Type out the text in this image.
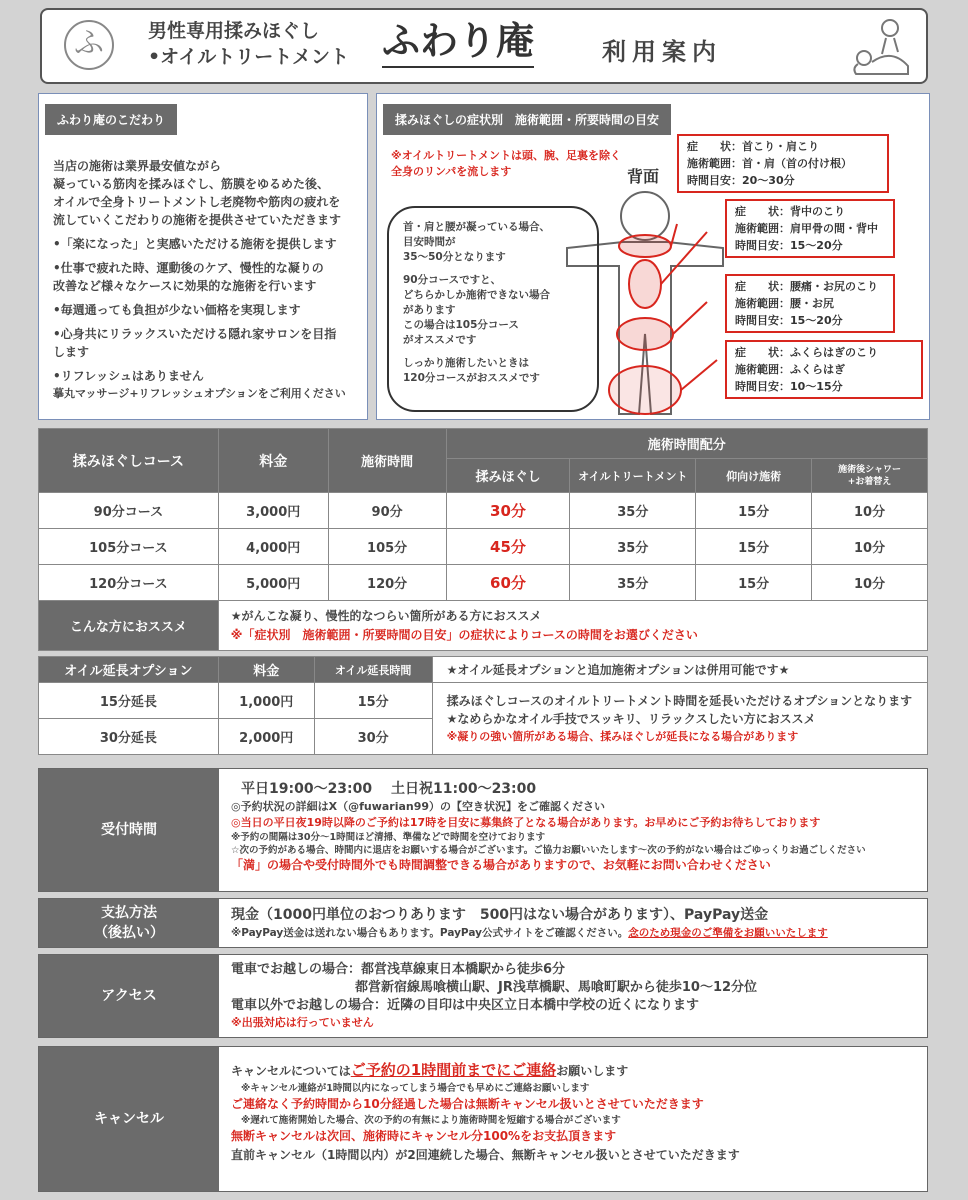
ふ	男性専用揉みほぐし
•オイルトリートメント ふわり庵	利用案内
ふわり庵のこだわり

当店の施術は業界最安値ながら

凝っている筋肉を揉みほぐし、筋膜をゆるめた後、

オイルで全身トリートメントし老廃物や筋肉の疲れを

流していくこだわりの施術を提供させていただきます

•「楽になった」と実感いただける施術を提供します

•仕事で疲れた時、運動後のケア、慢性的な凝りの

改善など様々なケースに効果的な施術を行います

•毎週通っても負担が少ない価格を実現します

•心身共にリラックスいただける隠れ家サロンを目指

します

•リフレッシュはありません

摹丸マッサージ+リフレッシュオプションをご利用ください

揉みほぐしの症状別　施術範囲・所要時間の目安
※オイルトリートメントは頭、腕、足裏を除く
全身のリンパを流します	背面
症　　状：首こり・肩こり
施術範囲：首・肩（首の付け根）
時間目安：20〜30分
症　　状：背中のこり
施術範囲：肩甲骨の間・背中
時間目安：15〜20分
症　　状：腰痛・お尻のこり
施術範囲：腰・お尻
時間目安：15〜20分
症　　状：ふくらはぎのこり
施術範囲：ふくらはぎ
時間目安：10〜15分
首・肩と腰が凝っている場合、
目安時間が
35〜50分となります
90分コースですと、
どちらかしか施術できない場合
があります
この場合は105分コース
がオススメです
しっかり施術したいときは
120分コースがおススメです
揉みほぐしコース	料金	施術時間	施術時間配分			
			揉みほぐし	オイルトリートメント	仰向け施術	施術後シャワー
+お着替え

90分コース	3,000円	90分	30分	35分	15分	10分
105分コース	4,000円	105分	45分	35分	15分	10分
120分コース	5,000円	120分	60分	35分	15分	10分
こんな方におススメ	★がんこな凝り、慢性的なつらい箇所がある方におススメ
※「症状別　施術範囲・所要時間の目安」の症状によりコースの時間をお選びください					
オイル延長オプション	料金	オイル延長時間	★オイル延長オプションと追加施術オプションは併用可能です★
15分延長	1,000円	15分	揉みほぐしコースのオイルトリートメント時間を延長いただけるオプションとなります
★なめらかなオイル手技でスッキリ、リラックスしたい方におススメ
※凝りの強い箇所がある場合、揉みほぐしが延長になる場合があります

30分延長	2,000円	30分	
受付時間
平日19:00〜23:00　 土日祝11:00〜23:00
◎予約状況の詳細はX（@fuwarian99）の【空き状況】をご確認ください
◎当日の平日夜19時以降のご予約は17時を目安に募集終了となる場合があります。お早めにご予約お待ちしております
※予約の間隔は30分〜1時間ほど清掃、準備などで時間を空けております
☆次の予約がある場合、時間内に退店をお願いする場合がございます。ご協力お願いいたします〜次の予約がない場合はごゆっくりお過ごしください
「満」の場合や受付時間外でも時間調整できる場合がありますので、お気軽にお問い合わせください
支払方法
（後払い）
現金（1000円単位のおつりあります　500円はない場合があります）、PayPay送金
※PayPay送金は送れない場合もあります。PayPay公式サイトをご確認ください。念のため現金のご準備をお願いいたします
アクセス
電車でお越しの場合：都営浅草線東日本橋駅から徒歩6分
都営新宿線馬喰横山駅、JR浅草橋駅、馬喰町駅から徒歩10〜12分位
電車以外でお越しの場合：近隣の目印は中央区立日本橋中学校の近くになります
※出張対応は行っていません
キャンセル
キャンセルについてはご予約の1時間前までにご連絡お願いします
※キャンセル連絡が1時間以内になってしまう場合でも早めにご連絡お願いします
ご連絡なく予約時間から10分経過した場合は無断キャンセル扱いとさせていただきます
※遅れて施術開始した場合、次の予約の有無により施術時間を短縮する場合がございます
無断キャンセルは次回、施術時にキャンセル分100%をお支払頂きます
直前キャンセル（1時間以内）が2回連続した場合、無断キャンセル扱いとさせていただきます
